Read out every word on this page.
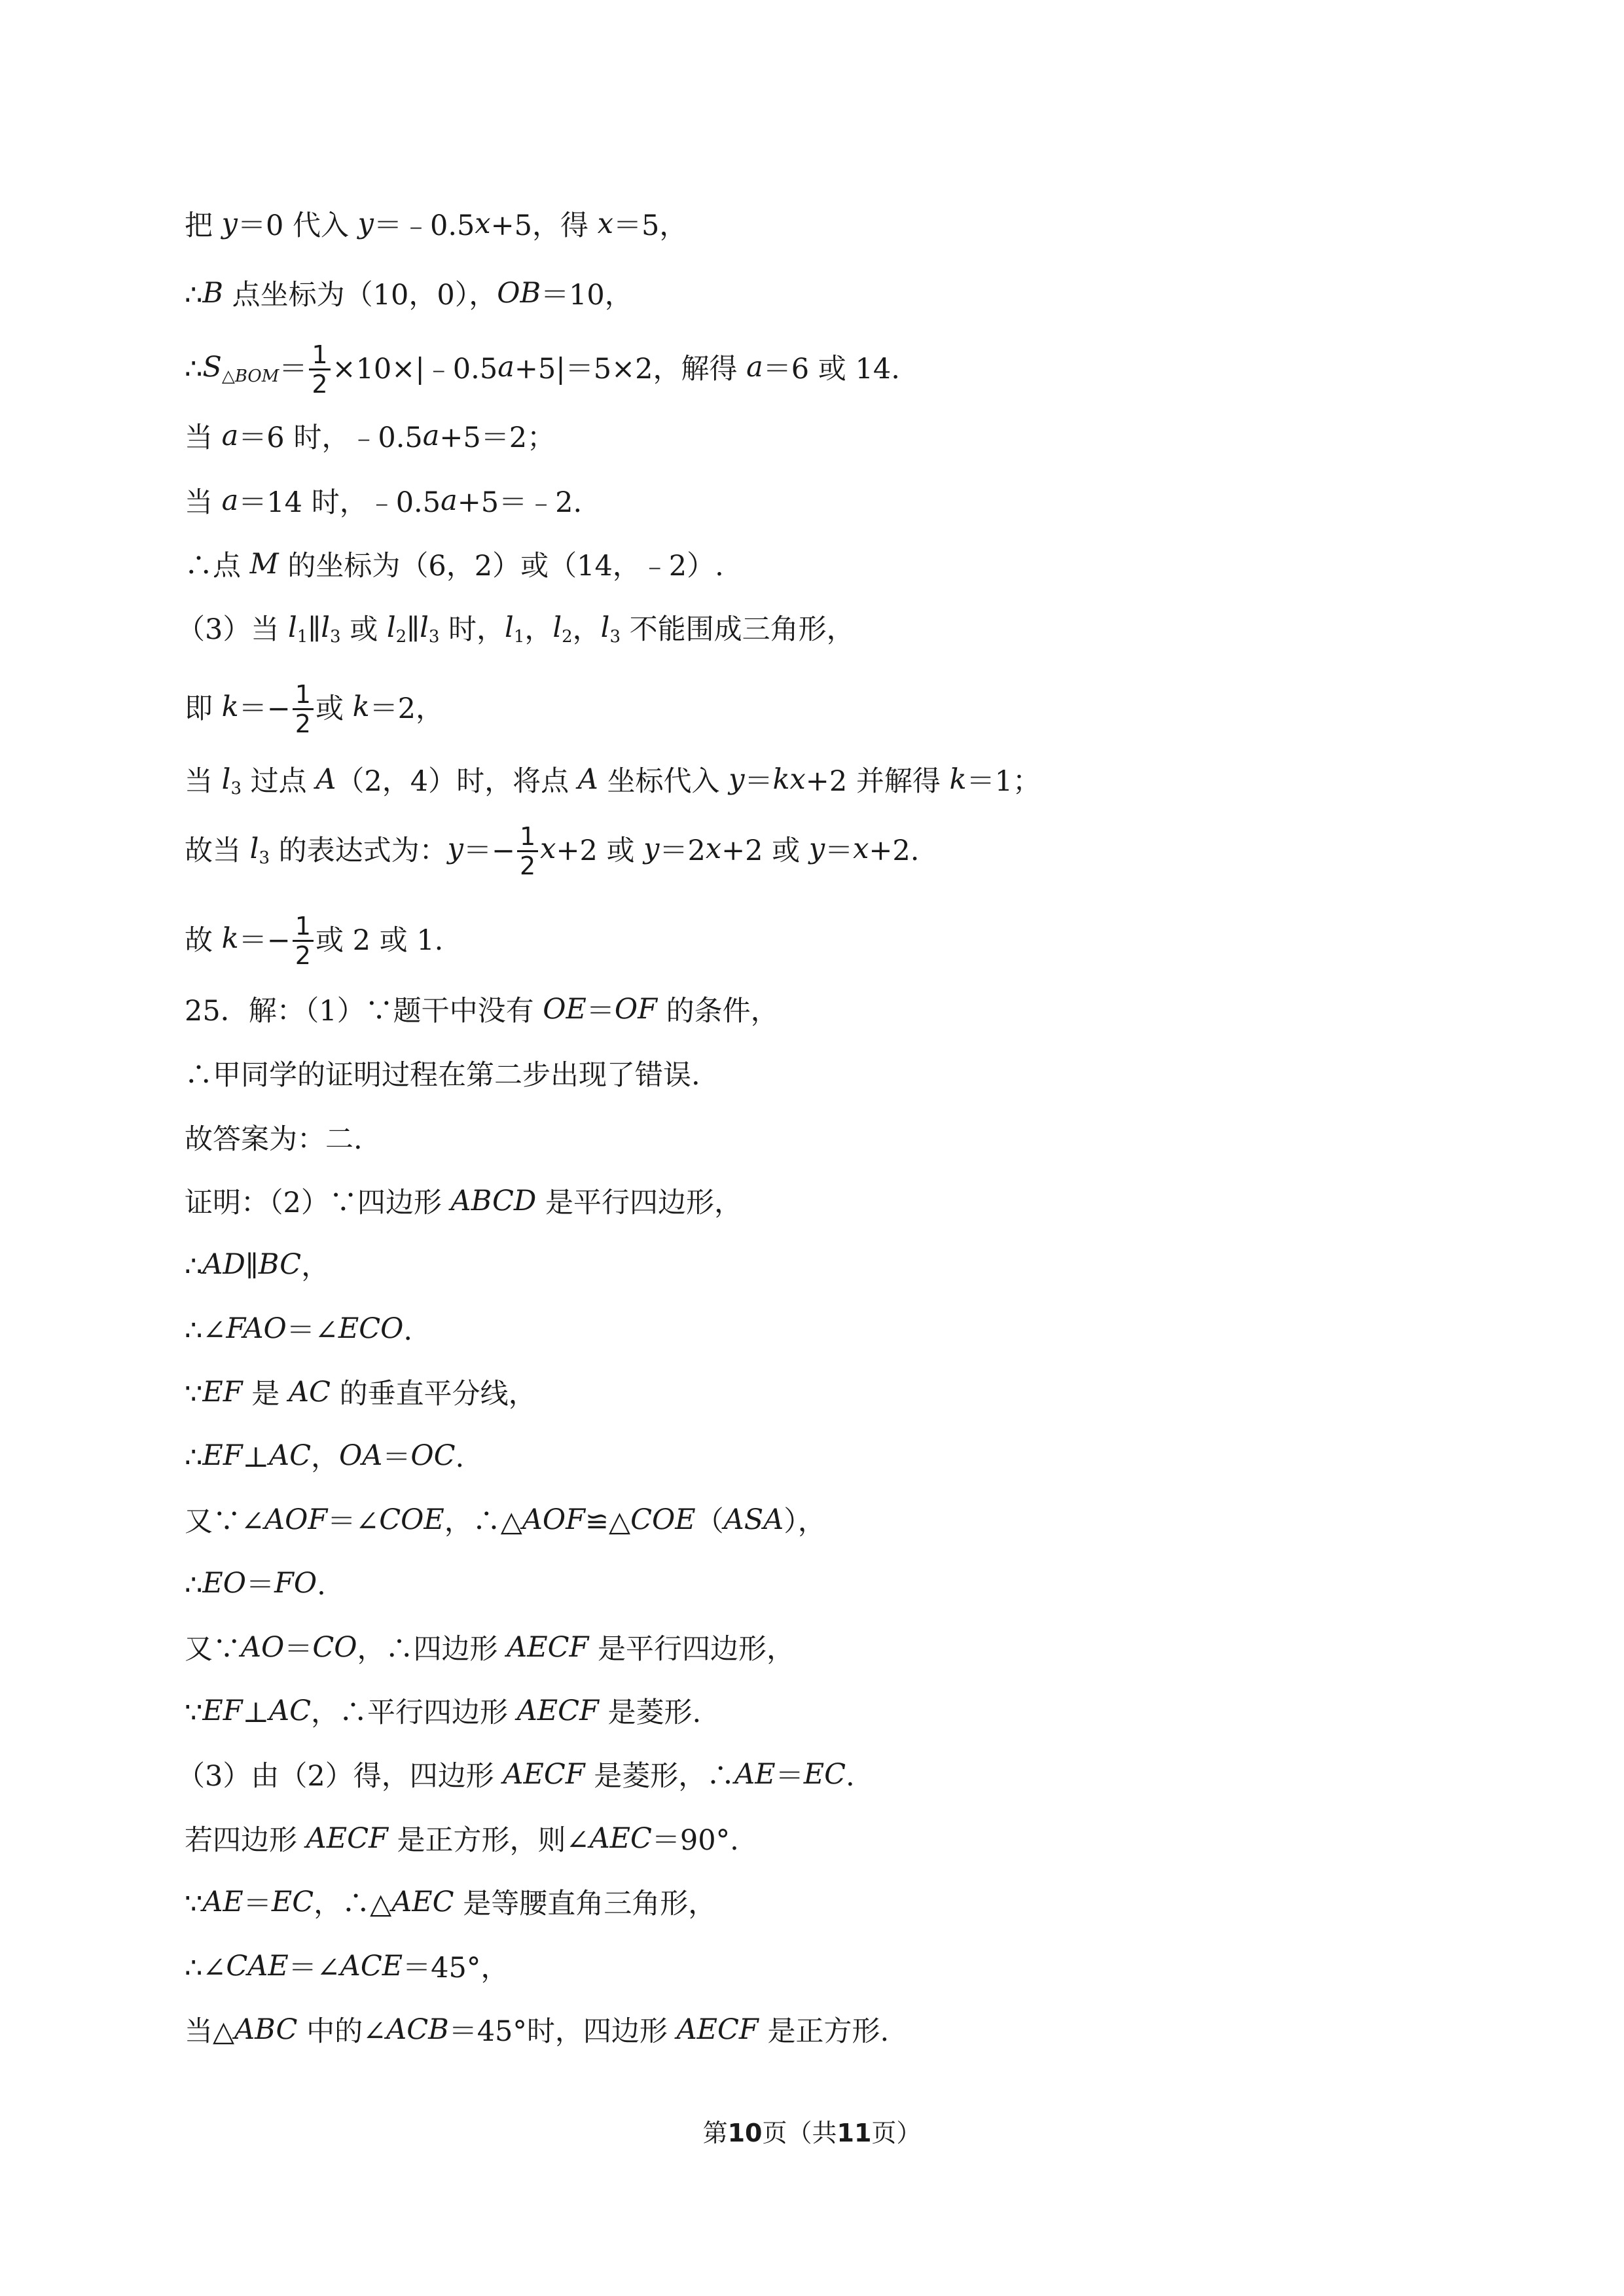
把 y＝0 代入 y＝﹣0.5x+5，得 x＝5，
∴B 点坐标为（10，0），OB＝10，
$\therefore S_{\triangle BOM}= \frac{1}{2}$ ×10×|﹣0.5a+5|＝5×2，解得 a＝6 或 14.
当 a＝6 时，﹣0.5a+5＝2；
当 a＝14 时，﹣0.5a+5＝﹣2.
∴点 M 的坐标为（6，2）或（14，﹣2）.
（3）当 $l_1\parallel l_3$ 或 $l_2\parallel l_3$ 时，$l_1$，$l_2$，$l_3$ 不能围成三角形，
即 $k=- \frac{1}{2}$ 或 k＝2，
当 $l_3$ 过点 A（2，4）时，将点 A 坐标代入 y＝kx+2 并解得 k＝1；
故当 $l_3$ 的表达式为：$y=- \frac{1}{2} x+2$ 或 y＝2x+2 或 y＝x+2.
故 $k=- \frac{1}{2}$ 或 2 或 1.
25．解：（1）∵题干中没有 OE＝OF 的条件，
∴甲同学的证明过程在第二步出现了错误.
故答案为：二.
证明：（2）∵四边形 ABCD 是平行四边形，
∴AD∥BC，
∴∠FAO＝∠ECO.
∵EF 是 AC 的垂直平分线，
∴EF⊥AC，OA＝OC.
又∵∠AOF＝∠COE，∴△AOF≌△COE（ASA），
∴EO＝FO.
又∵AO＝CO，∴四边形 AECF 是平行四边形，
∵EF⊥AC，∴平行四边形 AECF 是菱形.
（3）由（2）得，四边形 AECF 是菱形，∴AE＝EC.
若四边形 AECF 是正方形，则∠AEC＝90°.
∵AE＝EC，∴△AEC 是等腰直角三角形，
∴∠CAE＝∠ACE＝45°，
当△ABC 中的∠ACB＝45°时，四边形 AECF 是正方形.
第10页（共11页）
